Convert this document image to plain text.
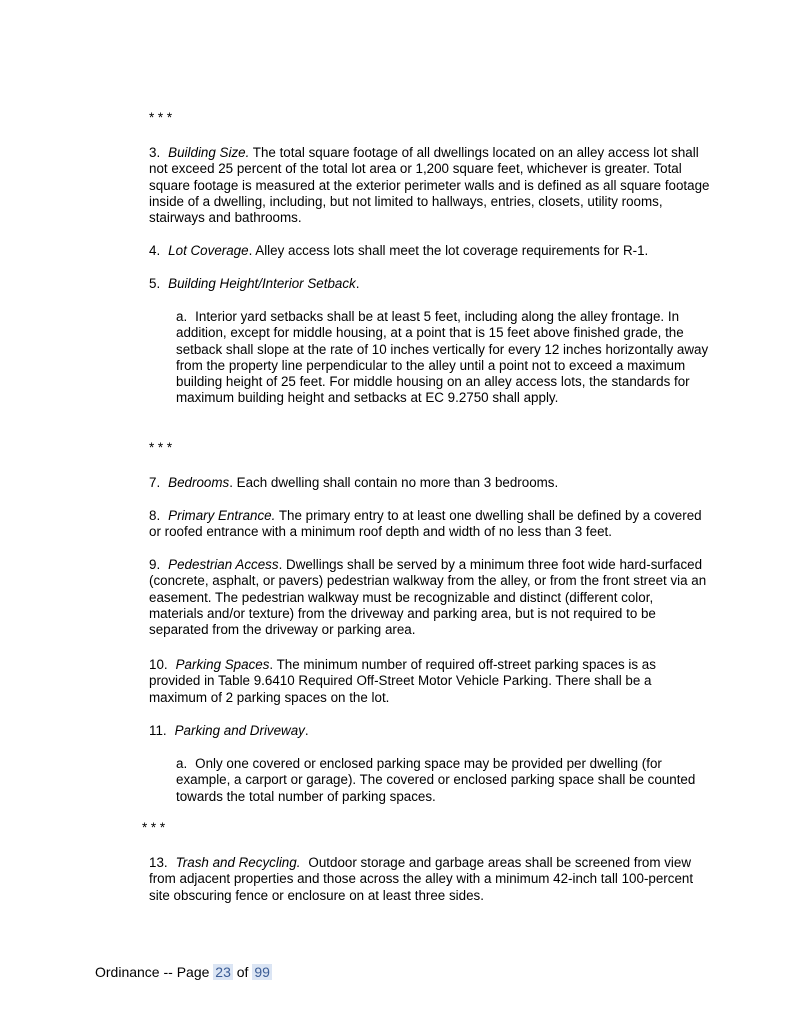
* * *
3. Building Size. The total square footage of all dwellings located on an alley access lot shall not exceed 25 percent of the total lot area or 1,200 square feet, whichever is greater. Total square footage is measured at the exterior perimeter walls and is defined as all square footage inside of a dwelling, including, but not limited to hallways, entries, closets, utility rooms, stairways and bathrooms.
4. Lot Coverage. Alley access lots shall meet the lot coverage requirements for R-1.
5. Building Height/Interior Setback.
a. Interior yard setbacks shall be at least 5 feet, including along the alley frontage. In addition, except for middle housing, at a point that is 15 feet above finished grade, the setback shall slope at the rate of 10 inches vertically for every 12 inches horizontally away from the property line perpendicular to the alley until a point not to exceed a maximum building height of 25 feet. For middle housing on an alley access lots, the standards for maximum building height and setbacks at EC 9.2750 shall apply.
* * *
7. Bedrooms. Each dwelling shall contain no more than 3 bedrooms.
8. Primary Entrance. The primary entry to at least one dwelling shall be defined by a covered or roofed entrance with a minimum roof depth and width of no less than 3 feet.
9. Pedestrian Access. Dwellings shall be served by a minimum three foot wide hard-surfaced (concrete, asphalt, or pavers) pedestrian walkway from the alley, or from the front street via an easement. The pedestrian walkway must be recognizable and distinct (different color, materials and/or texture) from the driveway and parking area, but is not required to be separated from the driveway or parking area.
10. Parking Spaces. The minimum number of required off-street parking spaces is as provided in Table 9.6410 Required Off-Street Motor Vehicle Parking. There shall be a maximum of 2 parking spaces on the lot.
11. Parking and Driveway.
a. Only one covered or enclosed parking space may be provided per dwelling (for example, a carport or garage). The covered or enclosed parking space shall be counted towards the total number of parking spaces.
* * *
13. Trash and Recycling. Outdoor storage and garbage areas shall be screened from view from adjacent properties and those across the alley with a minimum 42-inch tall 100-percent site obscuring fence or enclosure on at least three sides.
Ordinance -- Page 23 of 99
